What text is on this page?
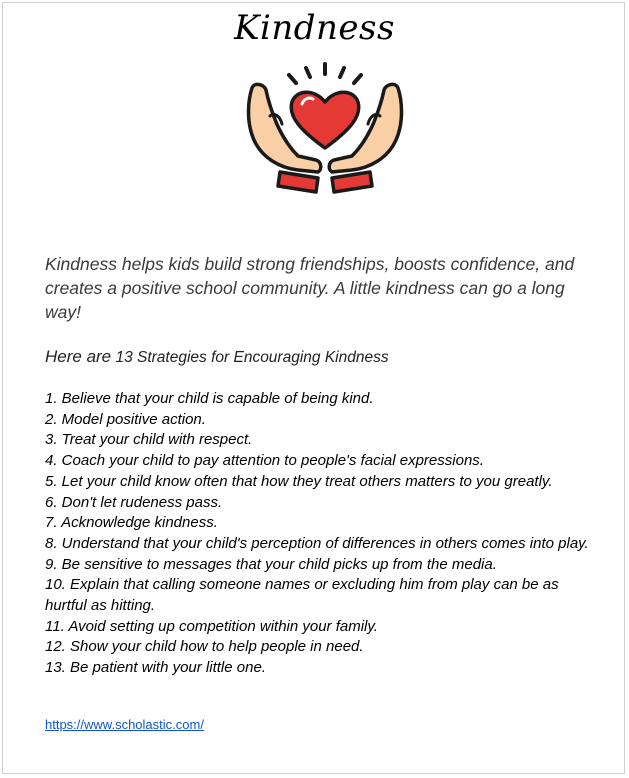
Kindness

Kindness helps kids build strong friendships, boosts confidence, and creates a positive school community. A little kindness can go a long way!

Here are 13 Strategies for Encouraging Kindness

1. Believe that your child is capable of being kind.
2. Model positive action.
3. Treat your child with respect.
4. Coach your child to pay attention to people's facial expressions.
5. Let your child know often that how they treat others matters to you greatly.
6. Don't let rudeness pass.
7. Acknowledge kindness.
8. Understand that your child's perception of differences in others comes into play.
9. Be sensitive to messages that your child picks up from the media.
10. Explain that calling someone names or excluding him from play can be as hurtful as hitting.
11. Avoid setting up competition within your family.
12. Show your child how to help people in need.
13. Be patient with your little one.
https://www.scholastic.com/
